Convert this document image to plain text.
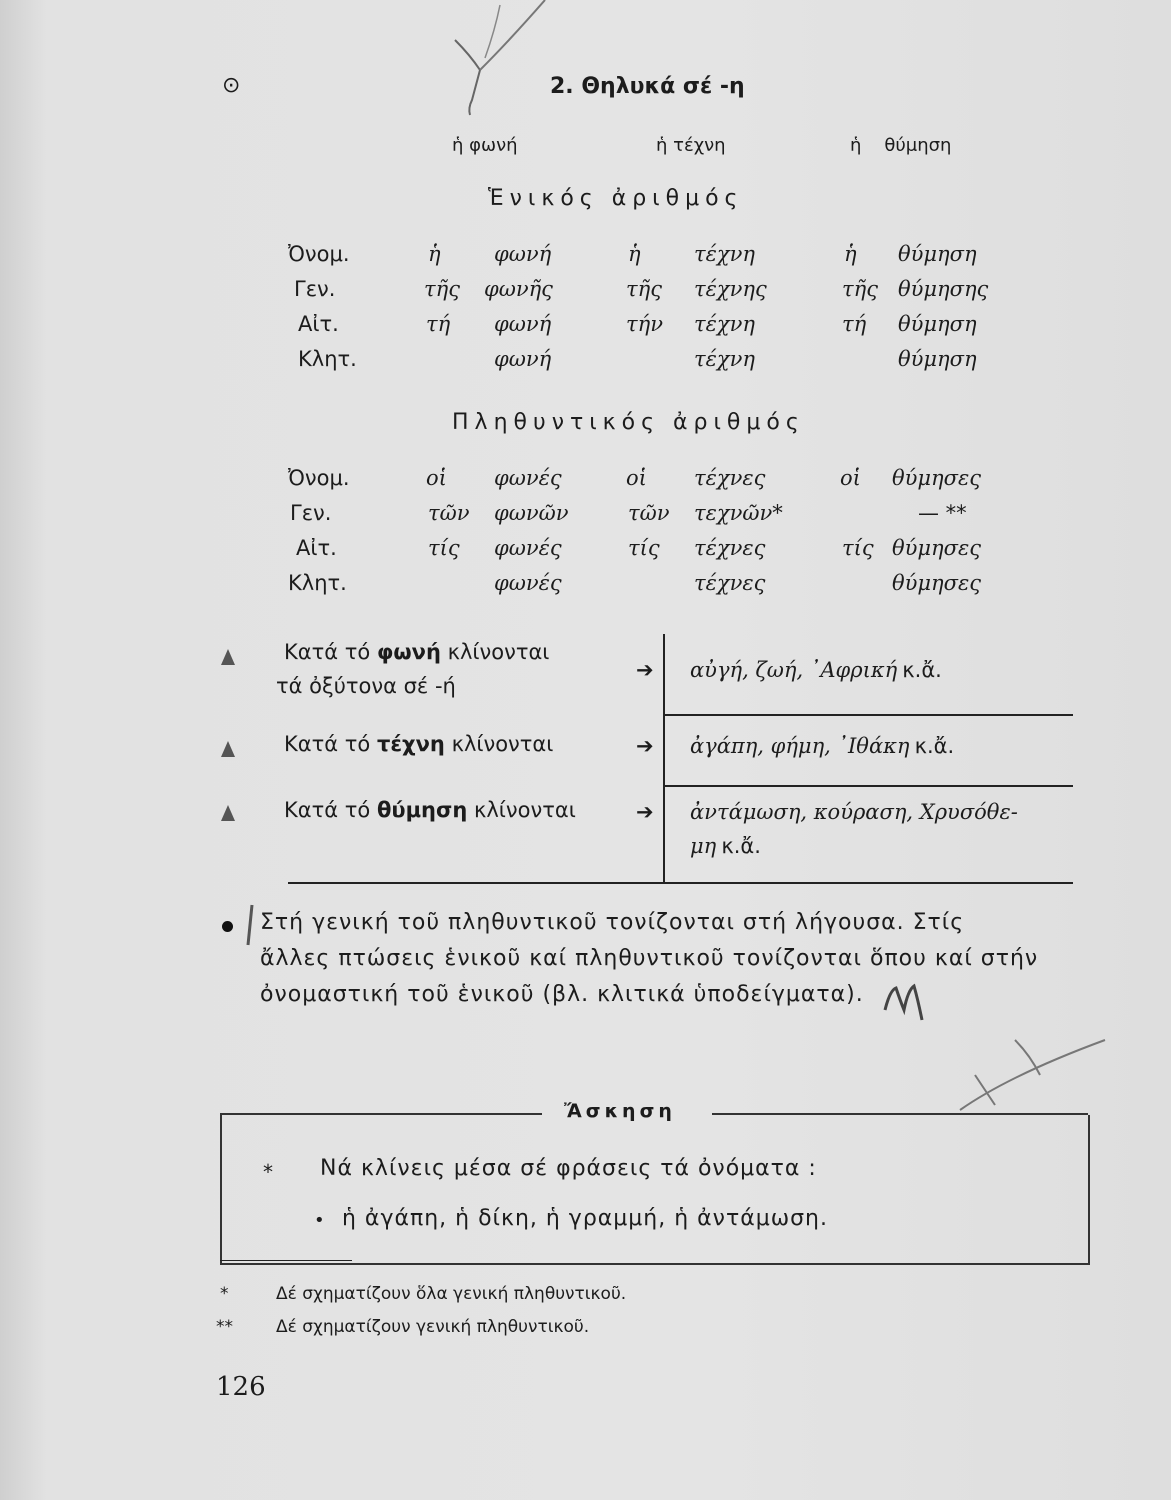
⊙	2. Θηλυκά σέ -η
ἡ φωνή	ἡ τέχνη	ἡ θύμηση
Ἑνικός ἀριθμός
Ὀνομ.	ἡ	φωνή	ἡ	τέχνη	ἡ θύμηση
Γεν.	τῆς φωνῆς	τῆς τέχνης	τῆς θύμησης
Αἰτ.	τή φωνή	τήν τέχνη	τή θύμηση
Κλητ.	φωνή	τέχνη	θύμηση
Πληθυντικός ἀριθμός
Ὀνομ.	οἱ φωνές	οἱ τέχνες	οἱ θύμησες
Γεν.	τῶν φωνῶν	τῶν τεχνῶν*	— **
Αἰτ.	τίς φωνές	τίς τέχνες	τίς θύμησες
Κλητ.	φωνές	τέχνες	θύμησες
Κατά τό φωνή κλίνονται
τά ὀξύτονα σέ -ή
➔ αὐγή, ζωή, ᾿Αφρική κ.ἄ.
Κατά τό τέχνη κλίνονται	➔ ἀγάπη, φήμη, ᾿Ιθάκη κ.ἄ.
Κατά τό θύμηση κλίνονται	➔ ἀντάμωση, κούραση, Χρυσόθε-
μη κ.ἄ.
Στή γενική τοῦ πληθυντικοῦ τονίζονται στή λήγουσα. Στίς
ἄλλες πτώσεις ἑνικοῦ καί πληθυντικοῦ τονίζονται ὅπου καί στήν
ὀνομαστική τοῦ ἑνικοῦ (βλ. κλιτικά ὑποδείγματα).
Ἄσκηση
* Νά κλίνεις μέσα σέ φράσεις τά ὀνόματα :
• ἡ ἀγάπη, ἡ δίκη, ἡ γραμμή, ἡ ἀντάμωση.
*	Δέ σχηματίζουν ὅλα γενική πληθυντικοῦ.
**	Δέ σχηματίζουν γενική πληθυντικοῦ.
126
